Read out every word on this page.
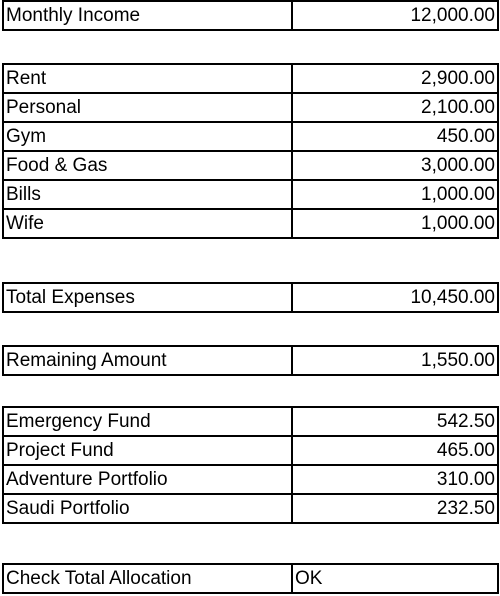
Monthly Income	12,000.00
Rent	2,900.00
Personal	2,100.00
Gym	450.00
Food & Gas	3,000.00
Bills	1,000.00
Wife	1,000.00
Total Expenses	10,450.00
Remaining Amount	1,550.00
Emergency Fund	542.50
Project Fund	465.00
Adventure Portfolio	310.00
Saudi Portfolio	232.50
Check Total Allocation	OK
